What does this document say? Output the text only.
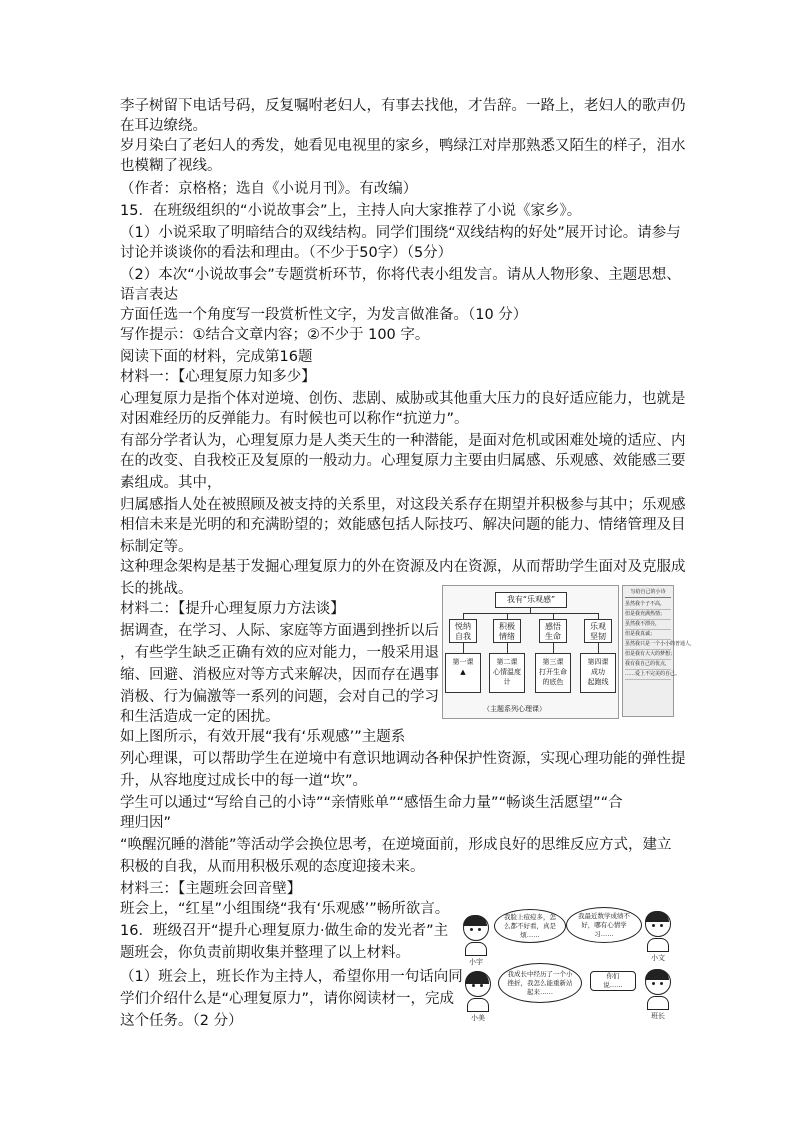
李子树留下电话号码，反复嘱咐老妇人，有事去找他，才告辞。一路上，老妇人的歌声仍
在耳边缭绕。
岁月染白了老妇人的秀发，她看见电视里的家乡，鸭绿江对岸那熟悉又陌生的样子，泪水
也模糊了视线。
（作者：京格格；选自《小说月刊》。有改编）
15．在班级组织的“小说故事会”上，主持人向大家推荐了小说《家乡》。
（1）小说采取了明暗结合的双线结构。同学们围绕“双线结构的好处”展开讨论。请参与
讨论并谈谈你的看法和理由。（不少于50字）（5分）
（2）本次“小说故事会”专题赏析环节，你将代表小组发言。请从人物形象、主题思想、
语言表达
方面任选一个角度写一段赏析性文字，为发言做准备。（10 分）
写作提示：①结合文章内容；②不少于 100 字。
阅读下面的材料，完成第16题
材料一：【心理复原力知多少】
心理复原力是指个体对逆境、创伤、悲剧、威胁或其他重大压力的良好适应能力，也就是
对困难经历的反弹能力。有时候也可以称作“抗逆力”。
有部分学者认为，心理复原力是人类天生的一种潜能，是面对危机或困难处境的适应、内
在的改变、自我校正及复原的一般动力。心理复原力主要由归属感、乐观感、效能感三要
素组成。其中，
归属感指人处在被照顾及被支持的关系里，对这段关系存在期望并积极参与其中；乐观感
相信未来是光明的和充满盼望的；效能感包括人际技巧、解决问题的能力、情绪管理及目
标制定等。
这种理念架构是基于发掘心理复原力的外在资源及内在资源，从而帮助学生面对及克服成
长的挑战。
材料二：【提升心理复原力方法谈】
据调查，在学习、人际、家庭等方面遇到挫折以后
，有些学生缺乏正确有效的应对能力，一般采用退
缩、回避、消极应对等方式来解决，因而存在遇事
消极、行为偏激等一系列的问题，会对自己的学习
和生活造成一定的困扰。
如上图所示，有效开展“我有‘乐观感’”主题系
列心理课，可以帮助学生在逆境中有意识地调动各种保护性资源，实现心理功能的弹性提
升，从容地度过成长中的每一道“坎”。
学生可以通过“写给自己的小诗”“亲情账单”“感悟生命力量”“畅谈生活愿望”“合
理归因”
“唤醒沉睡的潜能”等活动学会换位思考，在逆境面前，形成良好的思维反应方式，建立
积极的自我，从而用积极乐观的态度迎接未来。
材料三：【主题班会回音壁】
班会上，“红星”小组围绕“我有‘乐观感’”畅所欲言。
16．班级召开“提升心理复原力·做生命的发光者”主
题班会，你负责前期收集并整理了以上材料。
（1）班会上，班长作为主持人，希望你用一句话向同
学们介绍什么是“心理复原力”，请你阅读材一，完成
这个任务。（2 分）
我有“乐观感”
悦纳
自我
积极
情绪
感悟
生命
乐观
坚韧
第一课
▲
第二课
心情温度计
第三课
打开生命
的底色
第四课
成功
起跑线
（主题系列心理课）
写给自己的小诗
虽然我个子不高，
但是我充满热情；
虽然我不漂亮，
但是我真诚；
虽然我只是一个小小的普通人，
但是我有大大的梦想；
我有我自己的优点，
……爱上不完美的自己。
小宇
我脸上痘痘多，怎么都不好看，真是烦……
我最近数学成绩不好，哪有心情学习……
小文
小美
我成长中经历了一个小挫折，我怎么能重新站起来……
你们说……
班长
